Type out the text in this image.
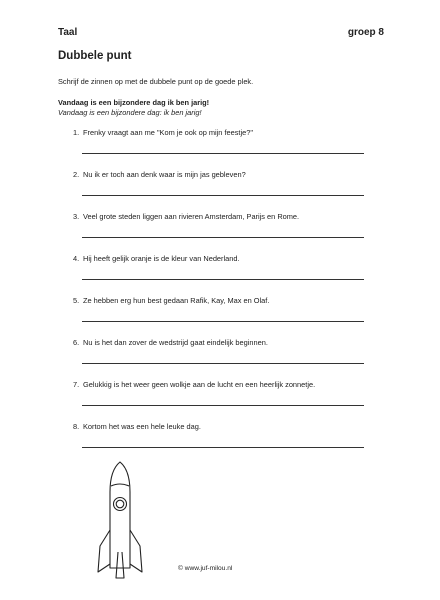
Taal	groep 8
Dubbele punt
Schrijf de zinnen op met de dubbele punt op de goede plek.
Vandaag is een bijzondere dag ik ben jarig!
Vandaag is een bijzondere dag: ik ben jarig!
1. Frenky vraagt aan me "Kom je ook op mijn feestje?"
2. Nu ik er toch aan denk waar is mijn jas gebleven?
3. Veel grote steden liggen aan rivieren Amsterdam, Parijs en Rome.
4. Hij heeft gelijk oranje is de kleur van Nederland.
5. Ze hebben erg hun best gedaan Rafik, Kay, Max en Olaf.
6. Nu is het dan zover de wedstrijd gaat eindelijk beginnen.
7. Gelukkig is het weer geen wolkje aan de lucht en een heerlijk zonnetje.
8. Kortom het was een hele leuke dag.
© www.juf-milou.nl
